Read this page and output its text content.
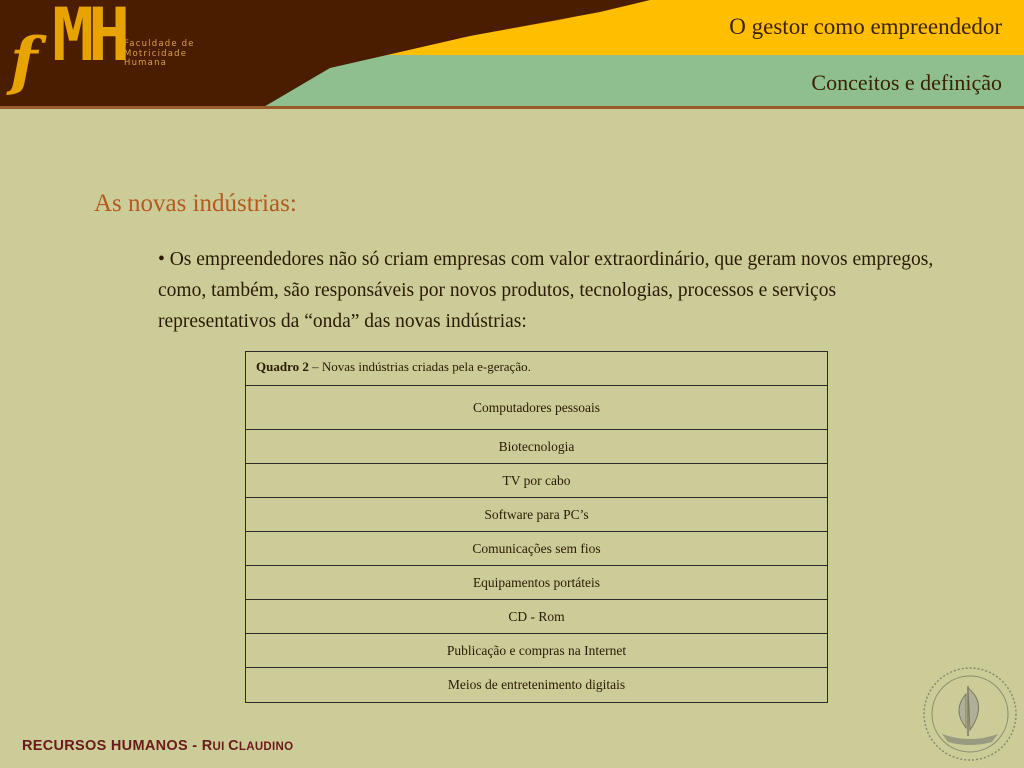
f MH Faculdade de
Motricidade
Humana
O gestor como empreendedor
Conceitos e definição
As novas indústrias:
• Os empreendedores não só criam empresas com valor extraordinário, que geram novos empregos, como, também, são responsáveis por novos produtos, tecnologias, processos e serviços representativos da “onda” das novas indústrias:
Quadro 2 – Novas indústrias criadas pela e-geração.
Computadores pessoais
Biotecnologia
TV por cabo
Software para PC’s
Comunicações sem fios
Equipamentos portáteis
CD - Rom
Publicação e compras na Internet
Meios de entretenimento digitais
RECURSOS HUMANOS - RUI CLAUDINO
